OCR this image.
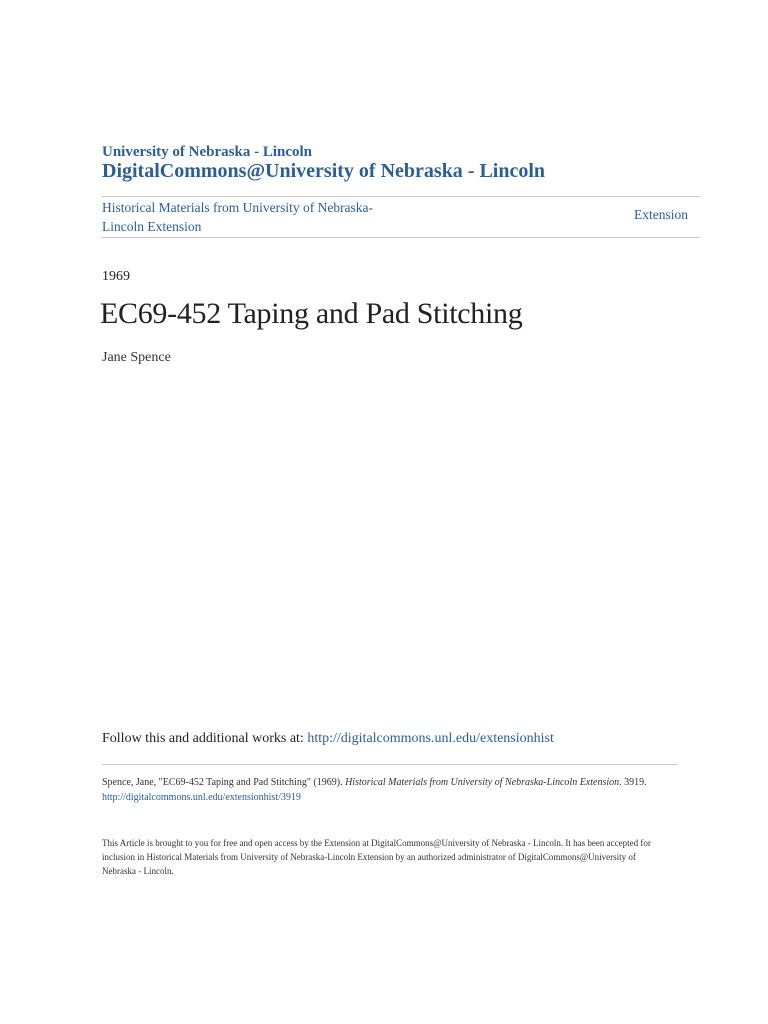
University of Nebraska - Lincoln
DigitalCommons@University of Nebraska - Lincoln
Historical Materials from University of Nebraska-
Lincoln Extension
Extension
1969
EC69-452 Taping and Pad Stitching
Jane Spence
Follow this and additional works at: http://digitalcommons.unl.edu/extensionhist
Spence, Jane, "EC69-452 Taping and Pad Stitching" (1969). Historical Materials from University of Nebraska-Lincoln Extension. 3919.
http://digitalcommons.unl.edu/extensionhist/3919
This Article is brought to you for free and open access by the Extension at DigitalCommons@University of Nebraska - Lincoln. It has been accepted for
inclusion in Historical Materials from University of Nebraska-Lincoln Extension by an authorized administrator of DigitalCommons@University of
Nebraska - Lincoln.
